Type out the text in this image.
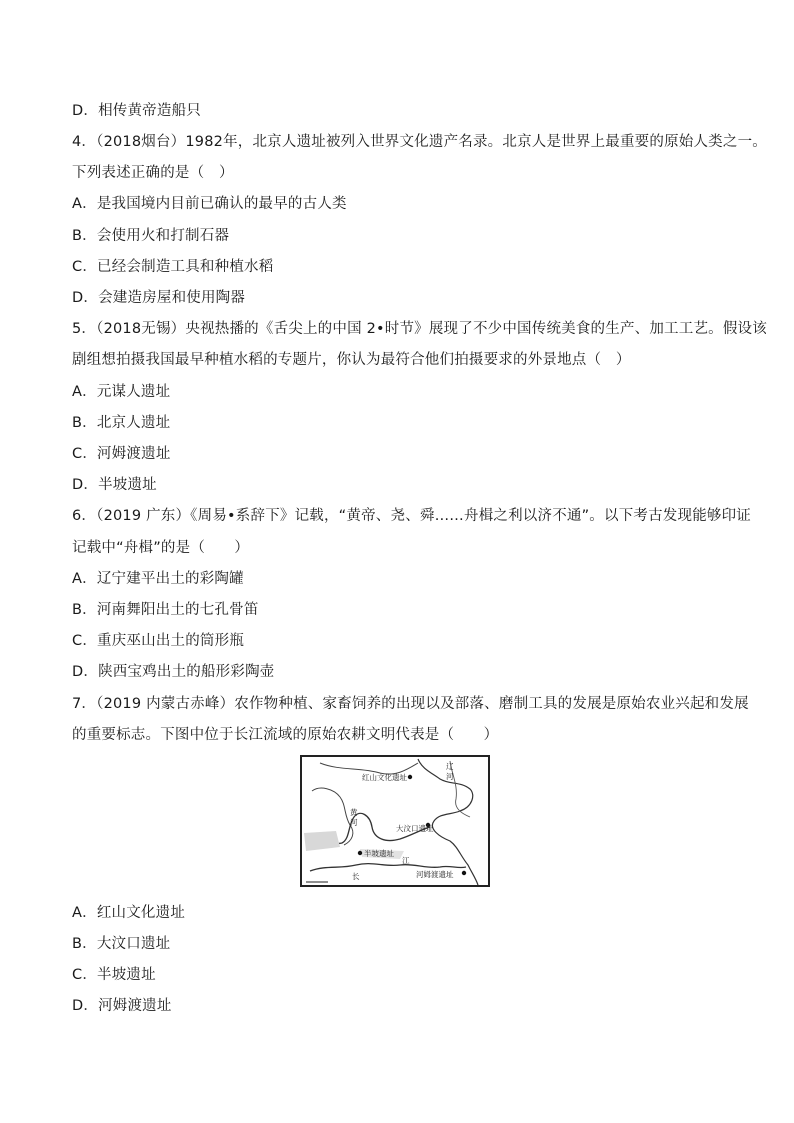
D．相传黄帝造船只
4．（2018烟台）1982年，北京人遗址被列入世界文化遗产名录。北京人是世界上最重要的原始人类之一。
下列表述正确的是（　）
A．是我国境内目前已确认的最早的古人类
B．会使用火和打制石器
C．已经会制造工具和种植水稻
D．会建造房屋和使用陶器
5．（2018无锡）央视热播的《舌尖上的中国 2•时节》展现了不少中国传统美食的生产、加工工艺。假设该
剧组想拍摄我国最早种植水稻的专题片，你认为最符合他们拍摄要求的外景地点（　）
A．元谋人遗址
B．北京人遗址
C．河姆渡遗址
D．半坡遗址
6．（2019 广东）《周易•系辞下》记载，“黄帝、尧、舜……舟楫之利以济不通”。以下考古发现能够印证
记载中“舟楫”的是（　　）
A．辽宁建平出土的彩陶罐
B．河南舞阳出土的七孔骨笛
C．重庆巫山出土的筒形瓶
D．陕西宝鸡出土的船形彩陶壶
7．（2019 内蒙古赤峰）农作物种植、家畜饲养的出现以及部落、磨制工具的发展是原始农业兴起和发展
的重要标志。下图中位于长江流域的原始农耕文明代表是（　　）
红山文化遗址
大汶口遗址
半坡遗址
河姆渡遗址
辽
河
黄
河
长
江
A．红山文化遗址
B．大汶口遗址
C．半坡遗址
D．河姆渡遗址
